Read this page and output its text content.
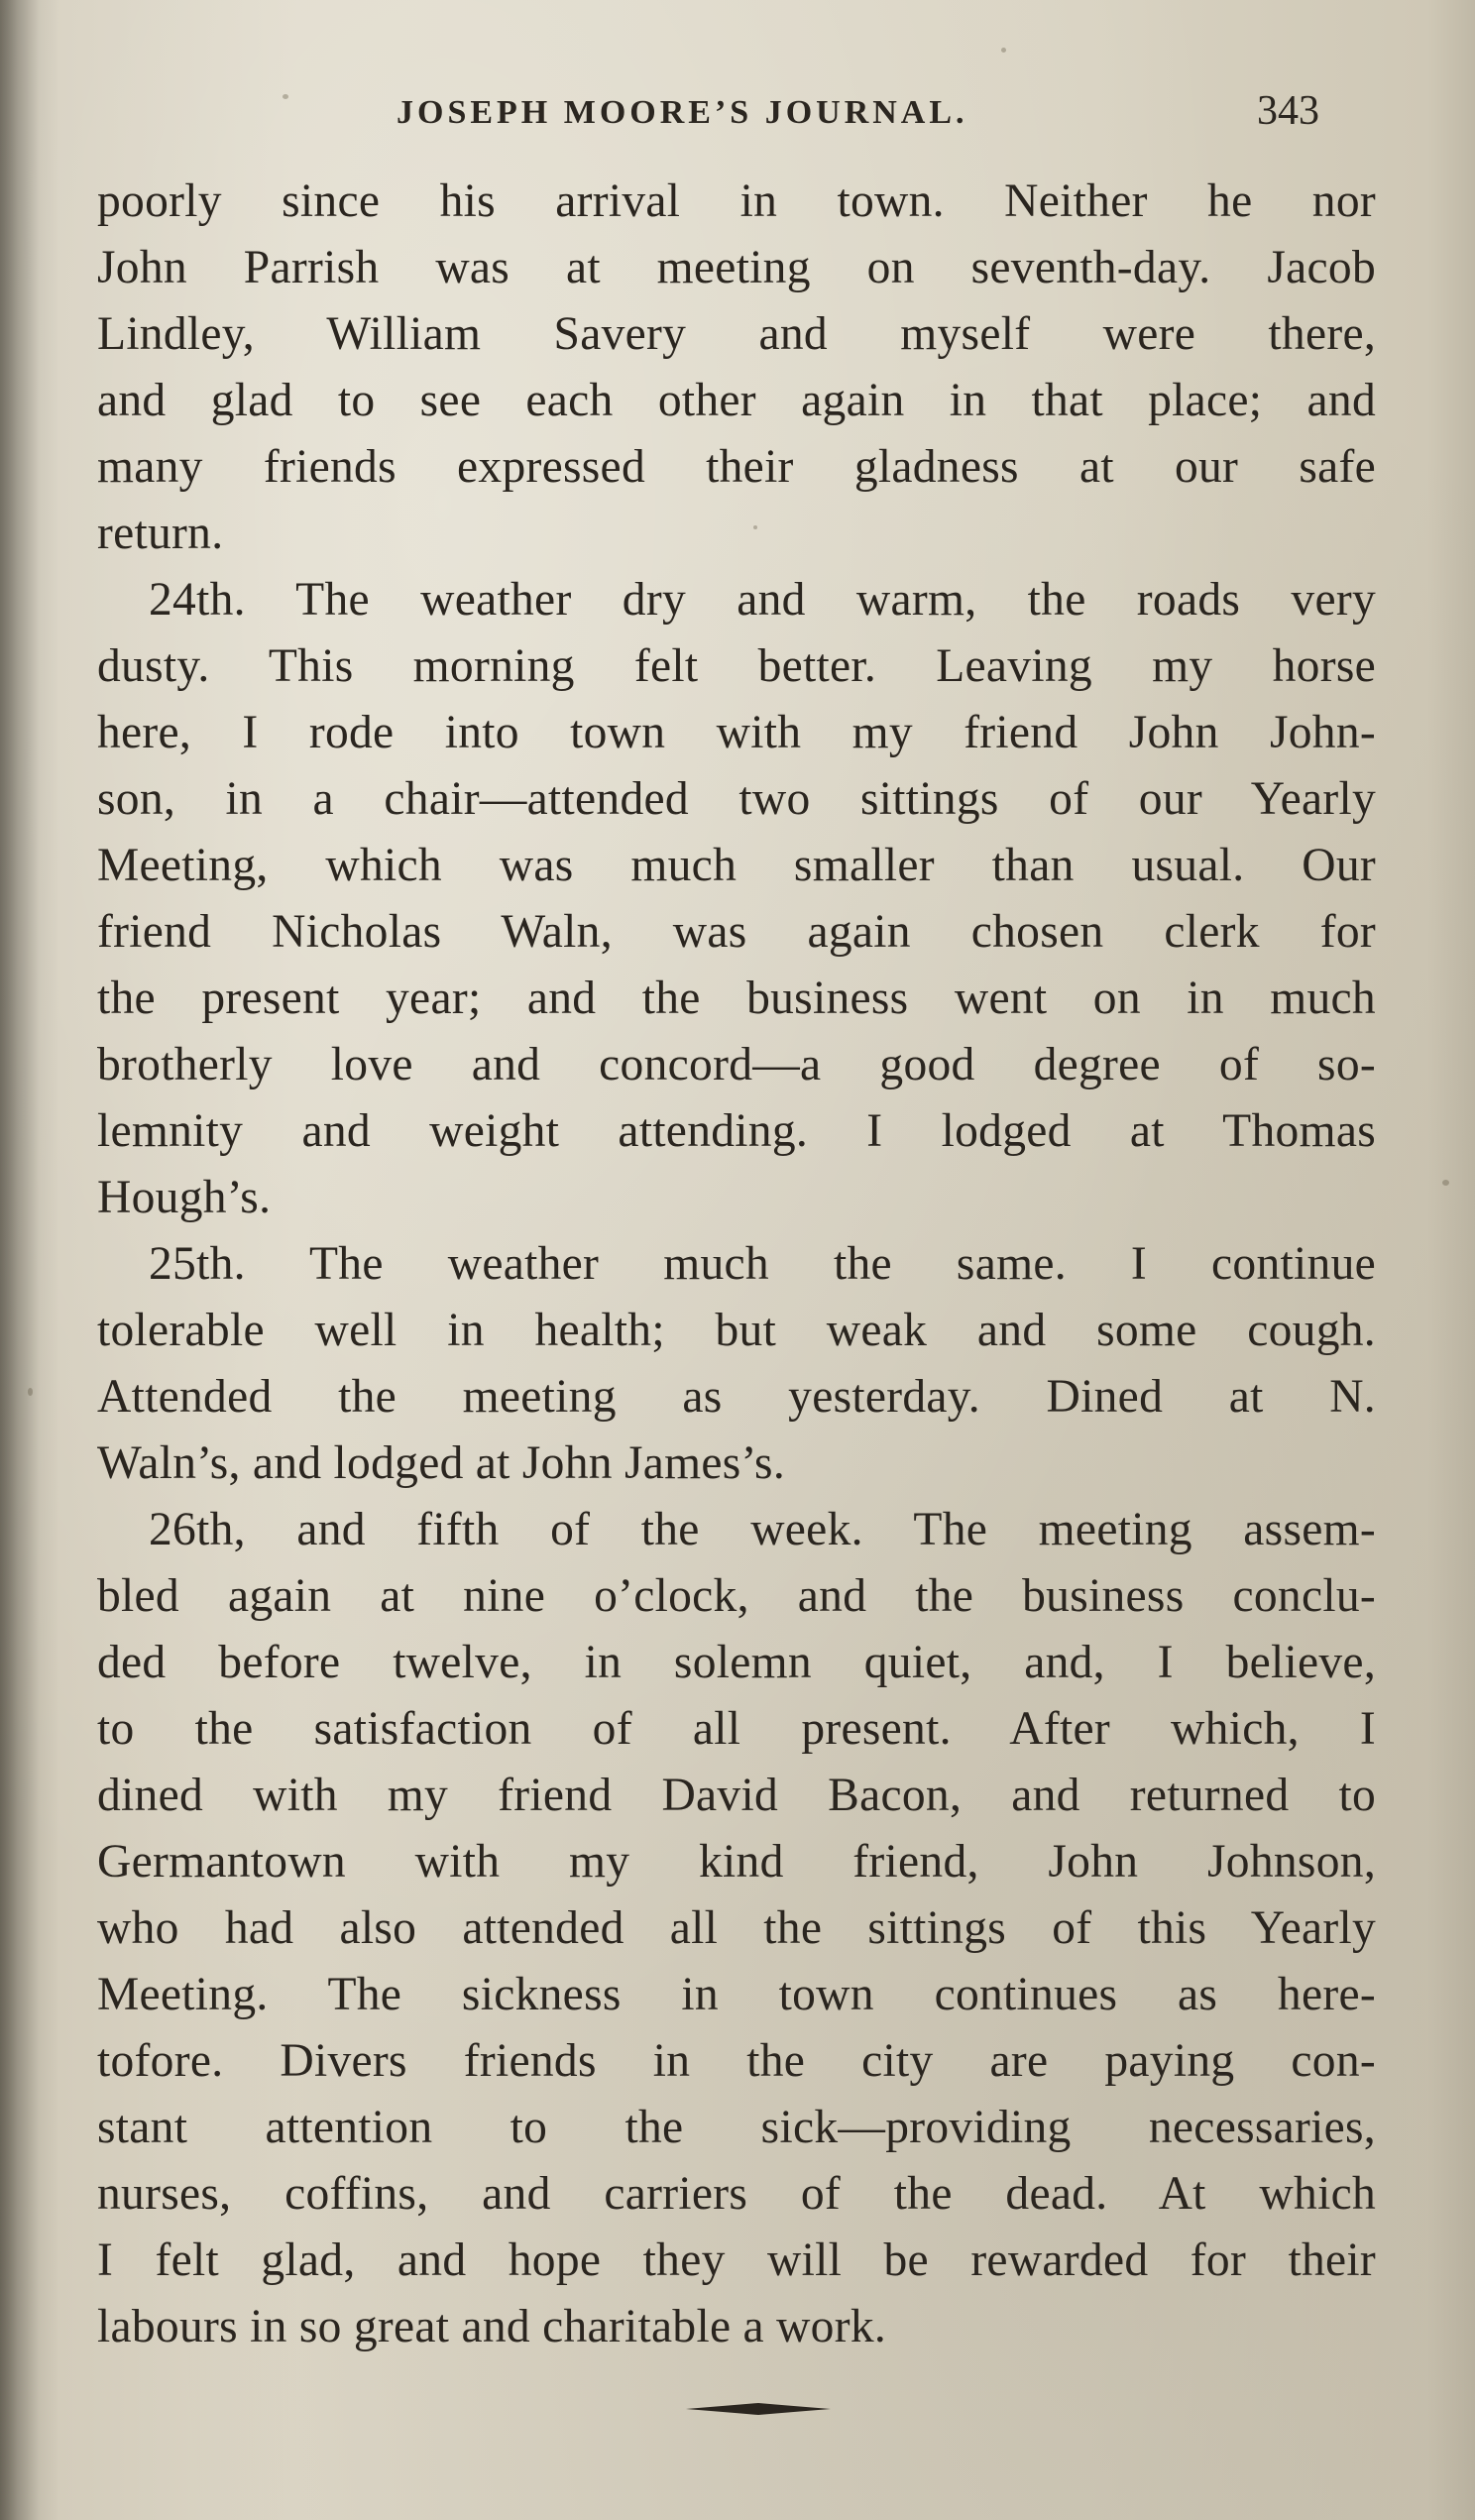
JOSEPH MOORE’S JOURNAL.	343
poorly since his arrival in town. Neither he nor
John Parrish was at meeting on seventh-day. Jacob
Lindley, William Savery and myself were there,
and glad to see each other again in that place; and
many friends expressed their gladness at our safe
return.
24th. The weather dry and warm, the roads very
dusty. This morning felt better. Leaving my horse
here, I rode into town with my friend John John-
son, in a chair—attended two sittings of our Yearly
Meeting, which was much smaller than usual. Our
friend Nicholas Waln, was again chosen clerk for
the present year; and the business went on in much
brotherly love and concord—a good degree of so-
lemnity and weight attending. I lodged at Thomas
Hough’s.
25th. The weather much the same. I continue
tolerable well in health; but weak and some cough.
Attended the meeting as yesterday. Dined at N.
Waln’s, and lodged at John James’s.
26th, and fifth of the week. The meeting assem-
bled again at nine o’clock, and the business conclu-
ded before twelve, in solemn quiet, and, I believe,
to the satisfaction of all present. After which, I
dined with my friend David Bacon, and returned to
Germantown with my kind friend, John Johnson,
who had also attended all the sittings of this Yearly
Meeting. The sickness in town continues as here-
tofore. Divers friends in the city are paying con-
stant attention to the sick—providing necessaries,
nurses, coffins, and carriers of the dead. At which
I felt glad, and hope they will be rewarded for their
labours in so great and charitable a work.
